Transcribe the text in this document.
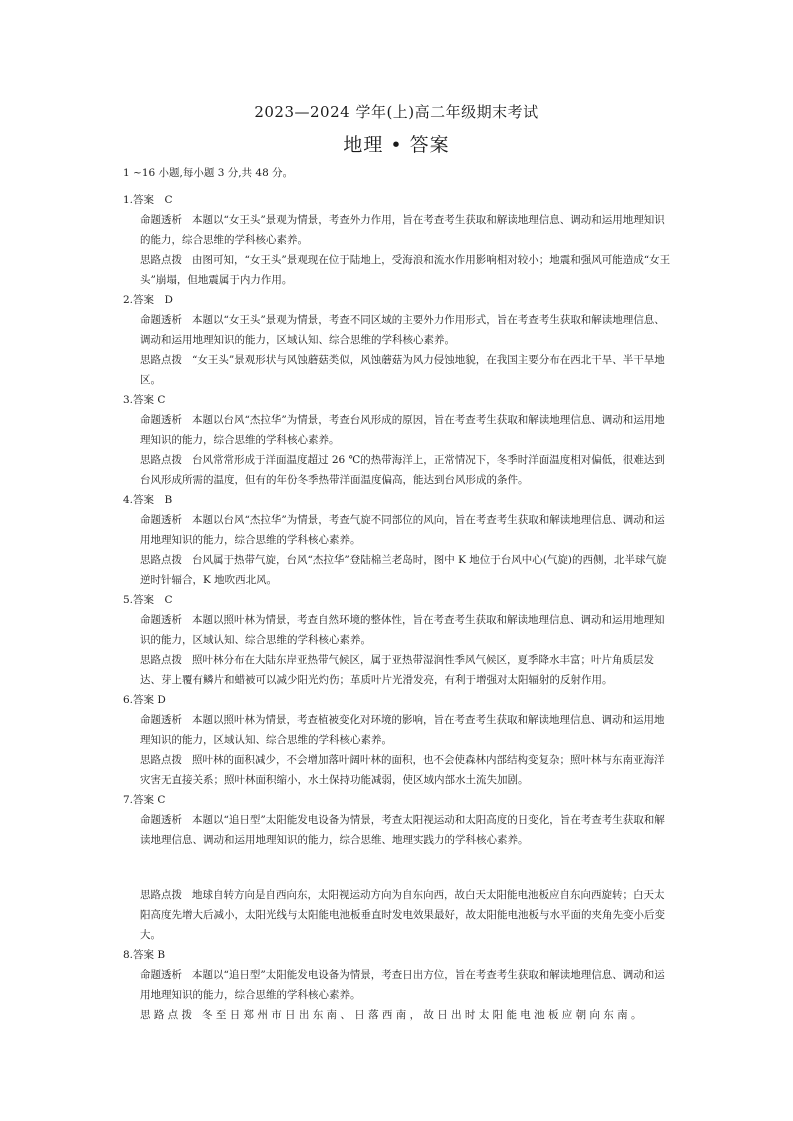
2023—2024 学年(上)高二年级期末考试
地理 • 答案
1 ~16 小题,每小题 3 分,共 48 分。

1.答案　C

命题透析 本题以“女王头”景观为情景，考查外力作用，旨在考查考生获取和解读地理信息、调动和运用地理知识的能力，综合思维的学科核心素养。

思路点拨 由图可知，“女王头”景观现在位于陆地上，受海浪和流水作用影响相对较小；地震和强风可能造成“女王头”崩塌，但地震属于内力作用。

2.答案　D

命题透析 本题以“女王头”景观为情景，考查不同区域的主要外力作用形式，旨在考查考生获取和解读地理信息、调动和运用地理知识的能力，区域认知、综合思维的学科核心素养。

思路点拨 “女王头”景观形状与风蚀蘑菇类似，风蚀蘑菇为风力侵蚀地貌，在我国主要分布在西北干旱、半干旱地区。

3.答案 C

命题透析 本题以台风“杰拉华”为情景，考查台风形成的原因，旨在考查考生获取和解读地理信息、调动和运用地理知识的能力，综合思维的学科核心素养。

思路点拨 台风常常形成于洋面温度超过 26 ℃的热带海洋上，正常情况下，冬季时洋面温度相对偏低，很难达到台风形成所需的温度，但有的年份冬季热带洋面温度偏高，能达到台风形成的条件。

4.答案　B

命题透析 本题以台风“杰拉华”为情景，考查气旋不同部位的风向，旨在考查考生获取和解读地理信息、调动和运用地理知识的能力，综合思维的学科核心素养。

思路点拨 台风属于热带气旋，台风“杰拉华”登陆棉兰老岛时，图中 K 地位于台风中心(气旋)的西侧，北半球气旋逆时针辐合，K 地吹西北风。

5.答案　C

命题透析 本题以照叶林为情景，考查自然环境的整体性，旨在考查考生获取和解读地理信息、调动和运用地理知识的能力，区域认知、综合思维的学科核心素养。

思路点拨 照叶林分布在大陆东岸亚热带气候区，属于亚热带湿润性季风气候区，夏季降水丰富；叶片角质层发达、芽上覆有鳞片和蜡被可以减少阳光灼伤；革质叶片光滑发亮，有利于增强对太阳辐射的反射作用。

6.答案 D

命题透析 本题以照叶林为情景，考查植被变化对环境的影响，旨在考查考生获取和解读地理信息、调动和运用地理知识的能力，区域认知、综合思维的学科核心素养。

思路点拨 照叶林的面积减少，不会增加落叶阔叶林的面积，也不会使森林内部结构变复杂；照叶林与东南亚海洋灾害无直接关系；照叶林面积缩小，水土保持功能减弱，使区域内部水土流失加剧。

7.答案 C

命题透析 本题以“追日型”太阳能发电设备为情景，考查太阳视运动和太阳高度的日变化，旨在考查考生获取和解读地理信息、调动和运用地理知识的能力，综合思维、地理实践力的学科核心素养。

思路点拨 地球自转方向是自西向东，太阳视运动方向为自东向西，故白天太阳能电池板应自东向西旋转；白天太阳高度先增大后减小，太阳光线与太阳能电池板垂直时发电效果最好，故太阳能电池板与水平面的夹角先变小后变大。

8.答案 B

命题透析 本题以“追日型”太阳能发电设备为情景，考查日出方位，旨在考查考生获取和解读地理信息、调动和运用地理知识的能力，综合思维的学科核心素养。

思 路 点 拨 冬 至 日 郑 州 市 日 出 东 南 、 日 落 西 南 ， 故 日 出 时 太 阳 能 电 池 板 应 朝 向 东 南 。
